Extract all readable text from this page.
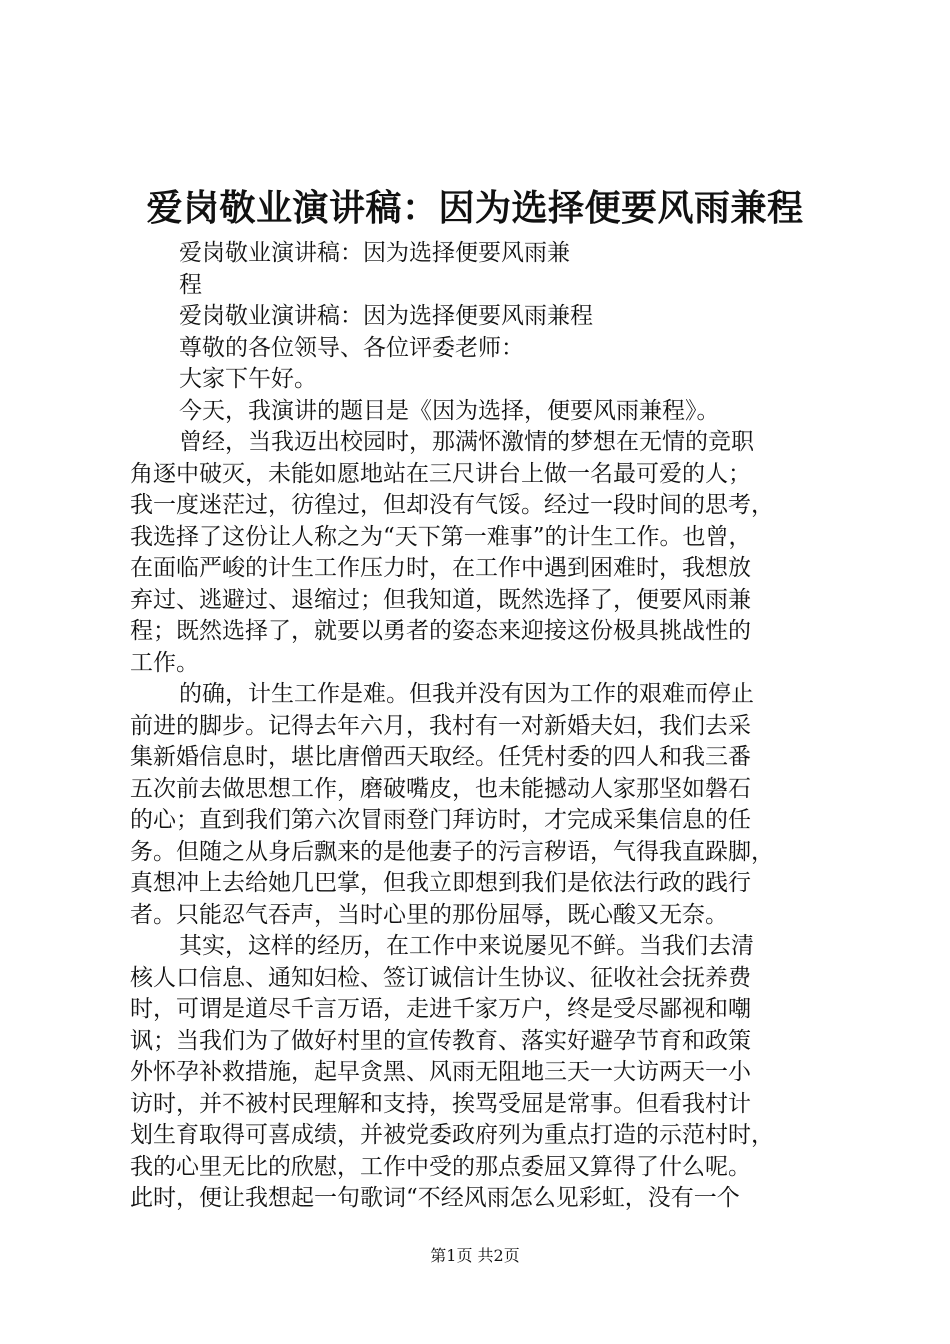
爱岗敬业演讲稿：因为选择便要风雨兼程
爱岗敬业演讲稿：因为选择便要风雨兼
程
爱岗敬业演讲稿：因为选择便要风雨兼程
尊敬的各位领导、各位评委老师：
大家下午好。
今天，我演讲的题目是《因为选择，便要风雨兼程》。
曾经，当我迈出校园时，那满怀激情的梦想在无情的竞职
角逐中破灭，未能如愿地站在三尺讲台上做一名最可爱的人；
我一度迷茫过，彷徨过，但却没有气馁。经过一段时间的思考，
我选择了这份让人称之为“天下第一难事”的计生工作。也曾，
在面临严峻的计生工作压力时，在工作中遇到困难时，我想放
弃过、逃避过、退缩过；但我知道，既然选择了，便要风雨兼
程；既然选择了，就要以勇者的姿态来迎接这份极具挑战性的
工作。
的确，计生工作是难。但我并没有因为工作的艰难而停止
前进的脚步。记得去年六月，我村有一对新婚夫妇，我们去采
集新婚信息时，堪比唐僧西天取经。任凭村委的四人和我三番
五次前去做思想工作，磨破嘴皮，也未能撼动人家那坚如磐石
的心；直到我们第六次冒雨登门拜访时，才完成采集信息的任
务。但随之从身后飘来的是他妻子的污言秽语，气得我直跺脚，
真想冲上去给她几巴掌，但我立即想到我们是依法行政的践行
者。只能忍气吞声，当时心里的那份屈辱，既心酸又无奈。
其实，这样的经历，在工作中来说屡见不鲜。当我们去清
核人口信息、通知妇检、签订诚信计生协议、征收社会抚养费
时，可谓是道尽千言万语，走进千家万户，终是受尽鄙视和嘲
讽；当我们为了做好村里的宣传教育、落实好避孕节育和政策
外怀孕补救措施，起早贪黑、风雨无阻地三天一大访两天一小
访时，并不被村民理解和支持，挨骂受屈是常事。但看我村计
划生育取得可喜成绩，并被党委政府列为重点打造的示范村时，
我的心里无比的欣慰，工作中受的那点委屈又算得了什么呢。
此时，便让我想起一句歌词“不经风雨怎么见彩虹，没有一个
第1页 共2页
